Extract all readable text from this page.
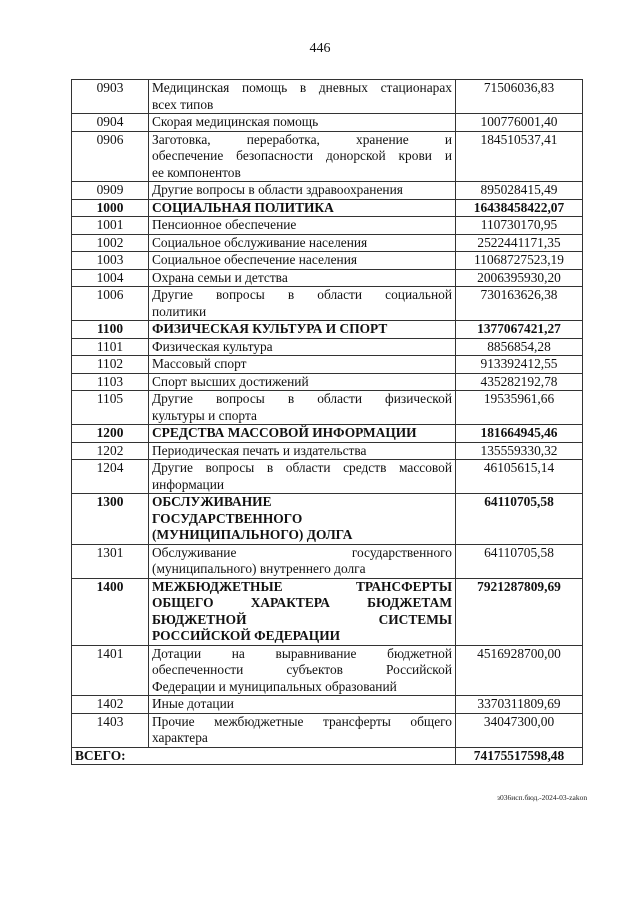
446
0903	Медицинская помощь в дневных стационарах
всех типов	71506036,83
0904	Скорая медицинская помощь	100776001,40
0906	Заготовка, переработка, хранение и
обеспечение безопасности донорской крови и
ее компонентов	184510537,41
0909	Другие вопросы в области здравоохранения	895028415,49
1000	СОЦИАЛЬНАЯ ПОЛИТИКА	16438458422,07
1001	Пенсионное обеспечение	110730170,95
1002	Социальное обслуживание населения	2522441171,35
1003	Социальное обеспечение населения	11068727523,19
1004	Охрана семьи и детства	2006395930,20
1006	Другие вопросы в области социальной
политики	730163626,38
1100	ФИЗИЧЕСКАЯ КУЛЬТУРА И СПОРТ	1377067421,27
1101	Физическая культура	8856854,28
1102	Массовый спорт	913392412,55
1103	Спорт высших достижений	435282192,78
1105	Другие вопросы в области физической
культуры и спорта	19535961,66
1200	СРЕДСТВА МАССОВОЙ ИНФОРМАЦИИ	181664945,46
1202	Периодическая печать и издательства	135559330,32
1204	Другие вопросы в области средств массовой
информации	46105615,14
1300	ОБСЛУЖИВАНИЕ
ГОСУДАРСТВЕННОГО
(МУНИЦИПАЛЬНОГО) ДОЛГА	64110705,58
1301	Обслуживание государственного
(муниципального) внутреннего долга	64110705,58
1400	МЕЖБЮДЖЕТНЫЕ ТРАНСФЕРТЫ
ОБЩЕГО ХАРАКТЕРА БЮДЖЕТАМ
БЮДЖЕТНОЙ СИСТЕМЫ
РОССИЙСКОЙ ФЕДЕРАЦИИ	7921287809,69
1401	Дотации на выравнивание бюджетной
обеспеченности субъектов Российской
Федерации и муниципальных образований	4516928700,00
1402	Иные дотации	3370311809,69
1403	Прочие межбюджетные трансферты общего
характера	34047300,00
ВСЕГО:		74175517598,48
з036исп.бюд.-2024-03-zakon
